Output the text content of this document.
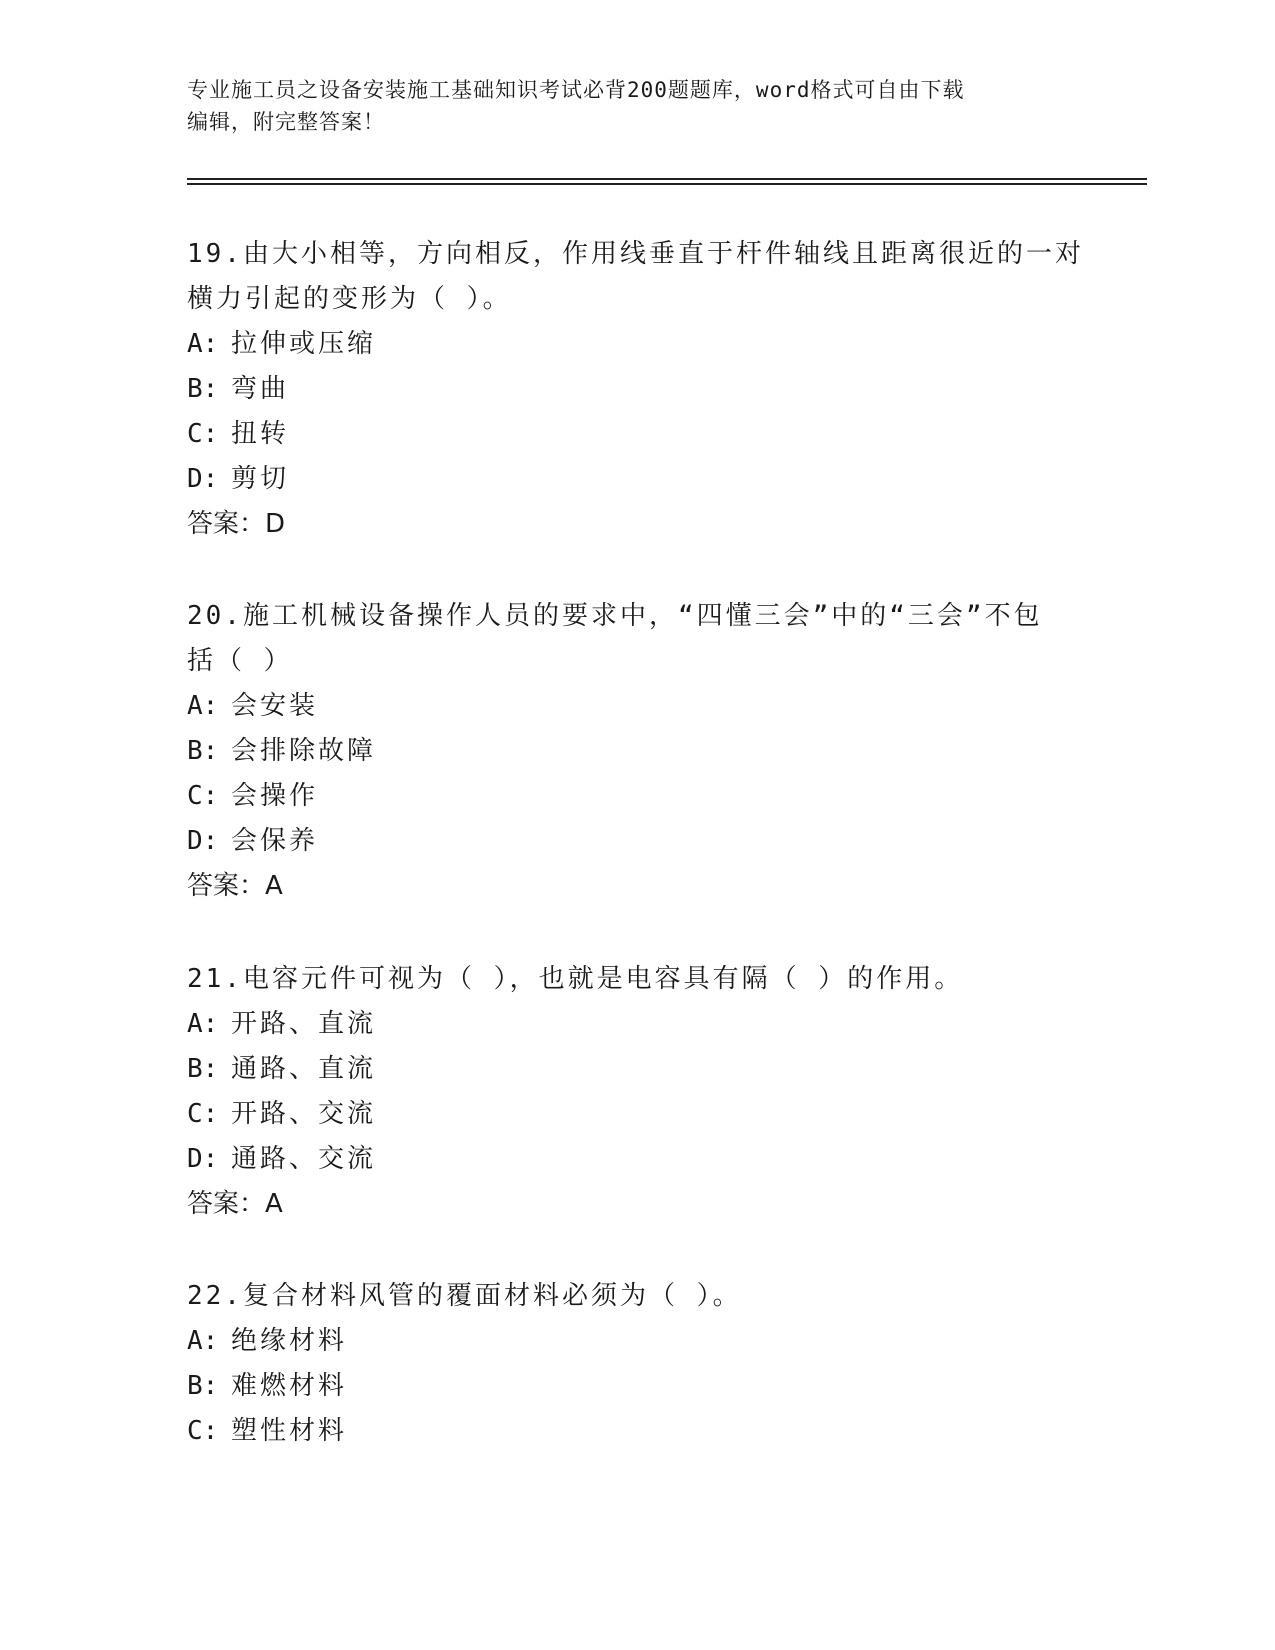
专业施工员之设备安装施工基础知识考试必背200题题库，word格式可自由下载
编辑，附完整答案！
19.由大小相等，方向相反，作用线垂直于杆件轴线且距离很近的一对
横力引起的变形为（ ）。
A: 拉伸或压缩
B: 弯曲
C: 扭转
D: 剪切
答案：D
20.施工机械设备操作人员的要求中，“四懂三会”中的“三会”不包
括（ ）
A: 会安装
B: 会排除故障
C: 会操作
D: 会保养
答案：A
21.电容元件可视为（ ），也就是电容具有隔（ ）的作用。
A: 开路、直流
B: 通路、直流
C: 开路、交流
D: 通路、交流
答案：A
22.复合材料风管的覆面材料必须为（ ）。
A: 绝缘材料
B: 难燃材料
C: 塑性材料
